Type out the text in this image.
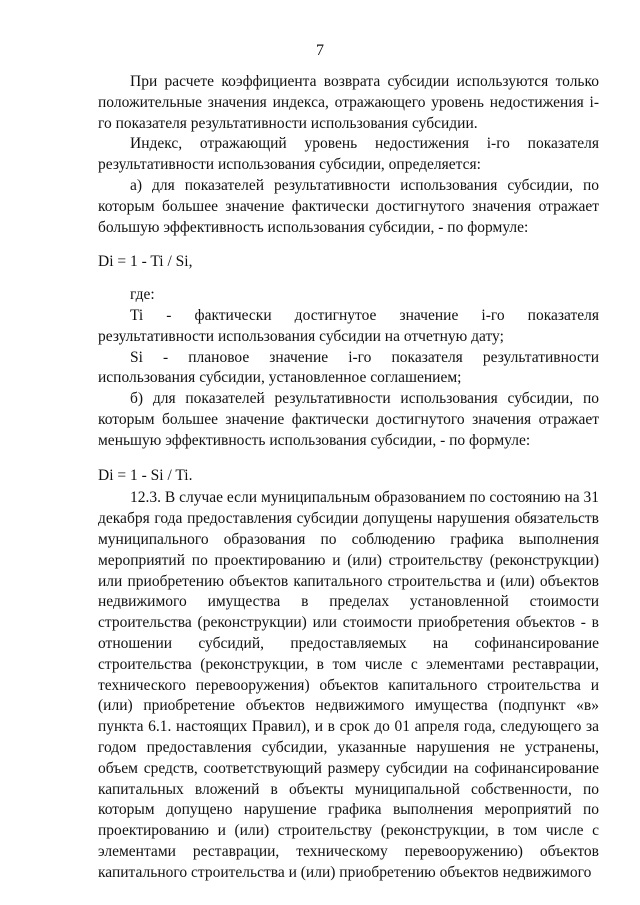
7

При расчете коэффициента возврата субсидии используются только положительные значения индекса, отражающего уровень недостижения i-го показателя результативности использования субсидии.

Индекс, отражающий уровень недостижения i-го показателя результативности использования субсидии, определяется:

а) для показателей результативности использования субсидии, по которым большее значение фактически достигнутого значения отражает большую эффективность использования субсидии, - по формуле:

Di = 1 - Ti / Si,

где:

Ti - фактически достигнутое значение i-го показателя результативности использования субсидии на отчетную дату;

Si - плановое значение i-го показателя результативности использования субсидии, установленное соглашением;

б) для показателей результативности использования субсидии, по которым большее значение фактически достигнутого значения отражает меньшую эффективность использования субсидии, - по формуле:

Di = 1 - Si / Ti.

12.3. В случае если муниципальным образованием по состоянию на 31 декабря года предоставления субсидии допущены нарушения обязательств муниципального образования по соблюдению графика выполнения мероприятий по проектированию и (или) строительству (реконструкции) или приобретению объектов капитального строительства и (или) объектов недвижимого имущества в пределах установленной стоимости строительства (реконструкции) или стоимости приобретения объектов - в отношении субсидий, предоставляемых на софинансирование строительства (реконструкции, в том числе с элементами реставрации, технического перевооружения) объектов капитального строительства и (или) приобретение объектов недвижимого имущества (подпункт «в» пункта 6.1. настоящих Правил), и в срок до 01 апреля года, следующего за годом предоставления субсидии, указанные нарушения не устранены, объем средств, соответствующий размеру субсидии на софинансирование капитальных вложений в объекты муниципальной собственности, по которым допущено нарушение графика выполнения мероприятий по проектированию и (или) строительству (реконструкции, в том числе с элементами реставрации, техническому перевооружению) объектов капитального строительства и (или) приобретению объектов недвижимого
